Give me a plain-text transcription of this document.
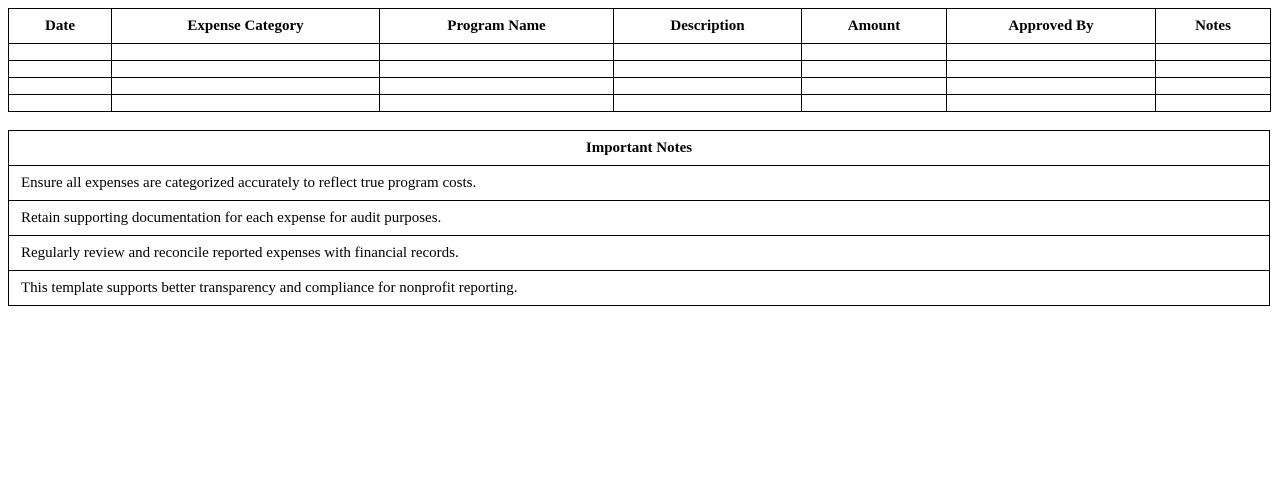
Date	Expense Category	Program Name	Description	Amount	Approved By	Notes

Important Notes
Ensure all expenses are categorized accurately to reflect true program costs.
Retain supporting documentation for each expense for audit purposes.
Regularly review and reconcile reported expenses with financial records.
This template supports better transparency and compliance for nonprofit reporting.
